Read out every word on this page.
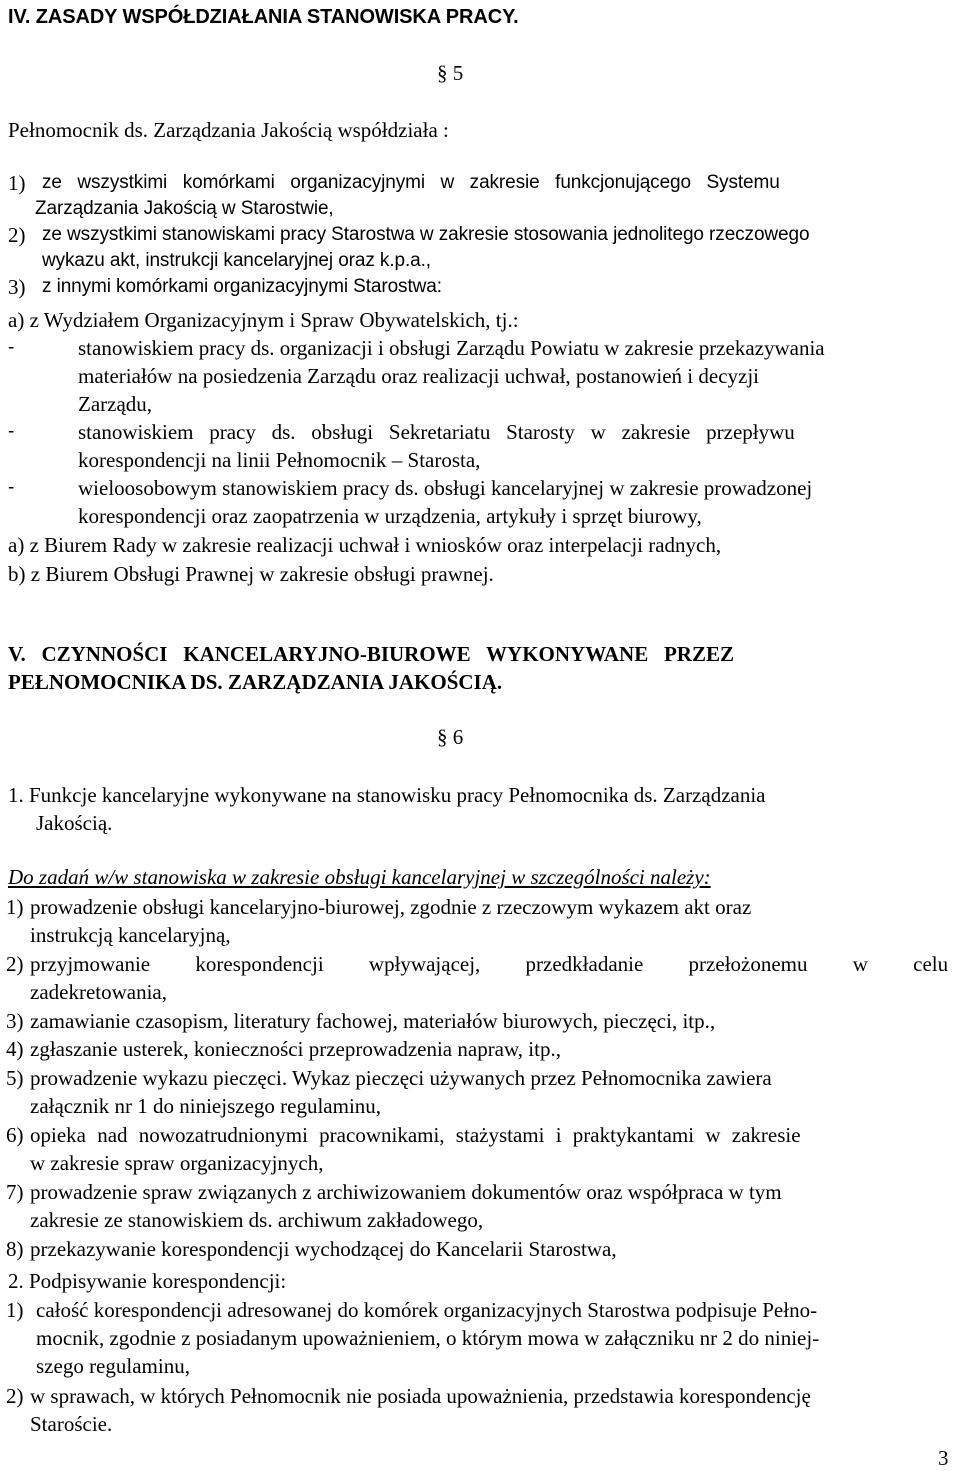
IV. ZASADY WSPÓŁDZIAŁANIA STANOWISKA PRACY.
§ 5
Pełnomocnik ds. Zarządzania Jakością współdziała :
1) ze   wszystkimi   komórkami   organizacyjnymi   w   zakresie   funkcjonującego   Systemu
Zarządzania Jakością w Starostwie,
2) ze wszystkimi stanowiskami pracy Starostwa w zakresie stosowania jednolitego rzeczowego
wykazu akt, instrukcji kancelaryjnej oraz k.p.a.,
3) z innymi komórkami organizacyjnymi Starostwa:
a) z Wydziałem Organizacyjnym i Spraw Obywatelskich, tj.:
-	stanowiskiem pracy ds. organizacji i obsługi Zarządu Powiatu w zakresie przekazywania
materiałów na posiedzenia Zarządu oraz realizacji uchwał, postanowień i decyzji
Zarządu,
-	stanowiskiem   pracy   ds.   obsługi   Sekretariatu   Starosty   w   zakresie   przepływu
korespondencji na linii Pełnomocnik – Starosta,
-	wieloosobowym stanowiskiem pracy ds. obsługi kancelaryjnej w zakresie prowadzonej
korespondencji oraz zaopatrzenia w urządzenia, artykuły i sprzęt biurowy,
a) z Biurem Rady w zakresie realizacji uchwał i wniosków oraz interpelacji radnych,
b) z Biurem Obsługi Prawnej w zakresie obsługi prawnej.
V.   CZYNNOŚCI   KANCELARYJNO-BIUROWE   WYKONYWANE   PRZEZ
PEŁNOMOCNIKA DS. ZARZĄDZANIA JAKOŚCIĄ.
§ 6
1. Funkcje kancelaryjne wykonywane na stanowisku pracy Pełnomocnika ds. Zarządzania
Jakością.
Do zadań w/w stanowiska w zakresie obsługi kancelaryjnej w szczególności należy:
1) prowadzenie obsługi kancelaryjno-biurowej, zgodnie z rzeczowym wykazem akt oraz
instrukcją kancelaryjną,
2) przyjmowanie korespondencji wpływającej, przedkładanie przełożonemu w celu
zadekretowania,
3) zamawianie czasopism, literatury fachowej, materiałów biurowych, pieczęci, itp.,
4) zgłaszanie usterek, konieczności przeprowadzenia napraw, itp.,
5) prowadzenie wykazu pieczęci. Wykaz pieczęci używanych przez Pełnomocnika zawiera
załącznik nr 1 do niniejszego regulaminu,
6) opieka nad nowozatrudnionymi pracownikami, stażystami i praktykantami w zakresie
w zakresie spraw organizacyjnych,
7) prowadzenie spraw związanych z archiwizowaniem dokumentów oraz współpraca w tym
zakresie ze stanowiskiem ds. archiwum zakładowego,
8) przekazywanie korespondencji wychodzącej do Kancelarii Starostwa,
2. Podpisywanie korespondencji:
1) całość korespondencji adresowanej do komórek organizacyjnych Starostwa podpisuje Pełno-
mocnik, zgodnie z posiadanym upoważnieniem, o którym mowa w załączniku nr 2 do niniej-
szego regulaminu,
2) w sprawach, w których Pełnomocnik nie posiada upoważnienia, przedstawia korespondencję
Staroście.
3
